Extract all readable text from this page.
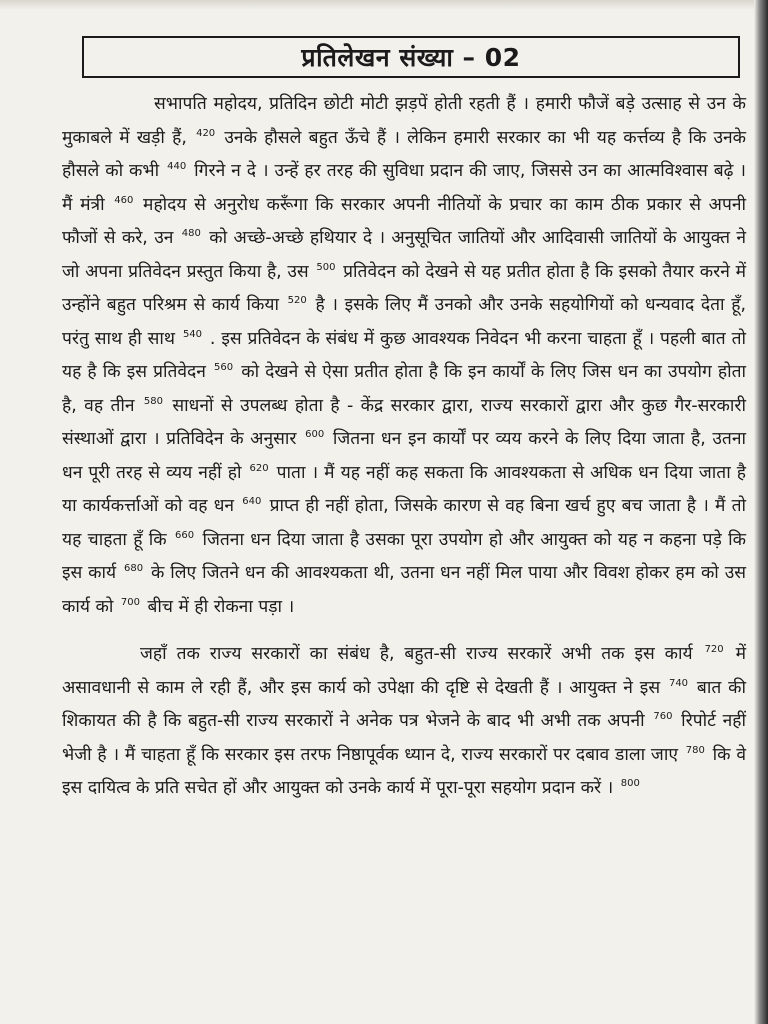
प्रतिलेखन संख्या – 02

सभापति महोदय, प्रतिदिन छोटी मोटी झड़पें होती रहती हैं । हमारी फौजें बड़े उत्साह से उन के मुकाबले में खड़ी हैं, $^{420}$ उनके हौसले बहुत ऊँचे हैं । लेकिन हमारी सरकार का भी यह कर्त्तव्य है कि उनके हौसले को कभी $^{440}$ गिरने न दे । उन्हें हर तरह की सुविधा प्रदान की जाए, जिससे उन का आत्मविश्वास बढ़े । मैं मंत्री $^{460}$ महोदय से अनुरोध करूँगा कि सरकार अपनी नीतियों के प्रचार का काम ठीक प्रकार से अपनी फौजों से करे, उन $^{480}$ को अच्छे-अच्छे हथियार दे । अनुसूचित जातियों और आदिवासी जातियों के आयुक्त ने जो अपना प्रतिवेदन प्रस्तुत किया है, उस $^{500}$ प्रतिवेदन को देखने से यह प्रतीत होता है कि इसको तैयार करने में उन्होंने बहुत परिश्रम से कार्य किया $^{520}$ है । इसके लिए मैं उनको और उनके सहयोगियों को धन्यवाद देता हूँ, परंतु साथ ही साथ $^{540}$ . इस प्रतिवेदन के संबंध में कुछ आवश्यक निवेदन भी करना चाहता हूँ । पहली बात तो यह है कि इस प्रतिवेदन $^{560}$ को देखने से ऐसा प्रतीत होता है कि इन कार्यों के लिए जिस धन का उपयोग होता है, वह तीन $^{580}$ साधनों से उपलब्ध होता है - केंद्र सरकार द्वारा, राज्य सरकारों द्वारा और कुछ गैर-सरकारी संस्थाओं द्वारा । प्रतिविदेन के अनुसार $^{600}$ जितना धन इन कार्यों पर व्यय करने के लिए दिया जाता है, उतना धन पूरी तरह से व्यय नहीं हो $^{620}$ पाता । मैं यह नहीं कह सकता कि आवश्यकता से अधिक धन दिया जाता है या कार्यकर्त्ताओं को वह धन $^{640}$ प्राप्त ही नहीं होता, जिसके कारण से वह बिना खर्च हुए बच जाता है । मैं तो यह चाहता हूँ कि $^{660}$ जितना धन दिया जाता है उसका पूरा उपयोग हो और आयुक्त को यह न कहना पड़े कि इस कार्य $^{680}$ के लिए जितने धन की आवश्यकता थी, उतना धन नहीं मिल पाया और विवश होकर हम को उस कार्य को $^{700}$ बीच में ही रोकना पड़ा ।

जहाँ तक राज्य सरकारों का संबंध है, बहुत-सी राज्य सरकारें अभी तक इस कार्य $^{720}$ में असावधानी से काम ले रही हैं, और इस कार्य को उपेक्षा की दृष्टि से देखती हैं । आयुक्त ने इस $^{740}$ बात की शिकायत की है कि बहुत-सी राज्य सरकारों ने अनेक पत्र भेजने के बाद भी अभी तक अपनी $^{760}$ रिपोर्ट नहीं भेजी है । मैं चाहता हूँ कि सरकार इस तरफ निष्ठापूर्वक ध्यान दे, राज्य सरकारों पर दबाव डाला जाए $^{780}$ कि वे इस दायित्व के प्रति सचेत हों और आयुक्त को उनके कार्य में पूरा-पूरा सहयोग प्रदान करें । $^{800}$
